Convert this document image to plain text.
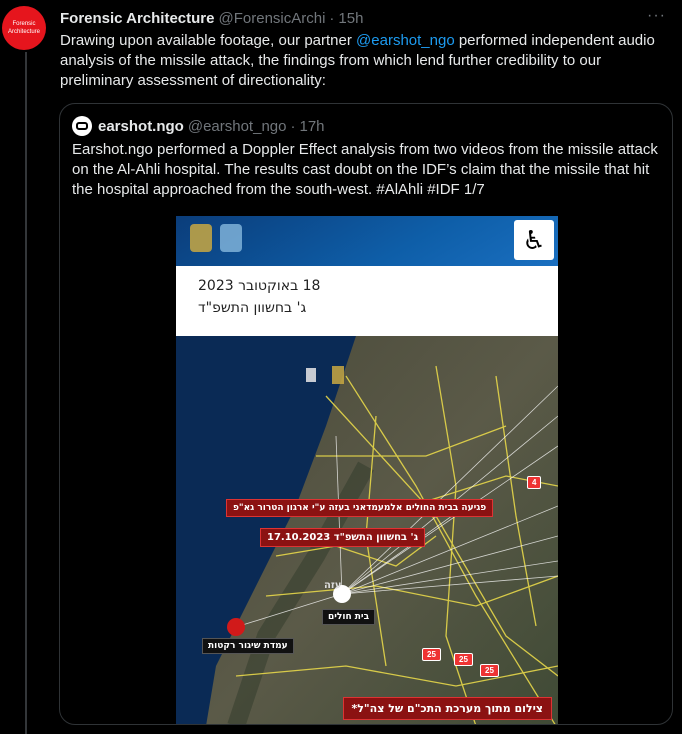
Forensic
Architecture
Forensic Architecture @ForensicArchi · 15h	···
Drawing upon available footage, our partner @earshot_ngo performed independent audio analysis of the missile attack, the findings from which lend further credibility to our preliminary assessment of directionality:
earshot.ngo @earshot_ngo · 17h
Earshot.ngo performed a Doppler Effect analysis from two videos from the missile attack on the Al-Ahli hospital. The results cast doubt on the IDF’s claim that the missile that hit the hospital approached from the south-west. #AlAhli #IDF 1/7
♿
18 באוקטובר 2023
ג' בחשוון התשפ"ד
פגיעה בבית החולים אלמעמדאני בעזה ע"י ארגון הטרור גא"פ
17.10.2023 ג' בחשוון התשפ"ד
בית חולים
עמדת שיגור רקטות
עזה
4
25
25
25
*צילום מתוך מערכת התכ"ם של צה"ל
